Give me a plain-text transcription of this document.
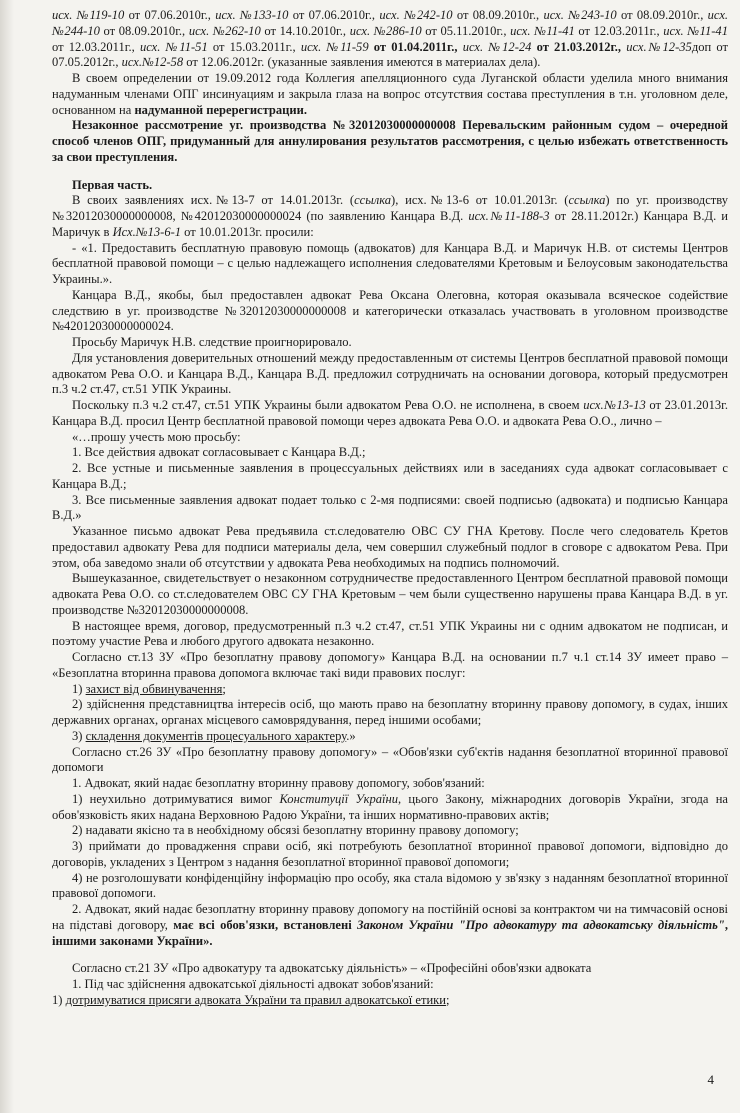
исх. №119-10 от 07.06.2010г., исх. №133-10 от 07.06.2010г., исх. №242-10 от 08.09.2010г., исх. №243-10 от 08.09.2010г., исх. №244-10 от 08.09.2010г., исх. №262-10 от 14.10.2010г., исх. №286-10 от 05.11.2010г., исх. №11-41 от 12.03.2011г., исх. №11-41 от 12.03.2011г., исх. №11-51 от 15.03.2011г., исх. №11-59 от 01.04.2011г., исх. №12-24 от 21.03.2012г., исх.№12-35доп от 07.05.2012г., исх.№12-58 от 12.06.2012г. (указанные заявления имеются в материалах дела).

В своем определении от 19.09.2012 года Коллегия апелляционного суда Луганской области уделила много внимания надуманным членами ОПГ инсинуациям и закрыла глаза на вопрос отсутствия состава преступления в т.н. уголовном деле, основанном на надуманной перерегистрации.

Незаконное рассмотрение уг. производства №32012030000000008 Перевальским районным судом – очередной способ членов ОПГ, придуманный для аннулирования результатов рассмотрения, с целью избежать ответственность за свои преступления.

Первая часть.

В своих заявлениях исх.№13-7 от 14.01.2013г. (ссылка), исх.№13-6 от 10.01.2013г. (ссылка) по уг. производству №32012030000000008, №42012030000000024 (по заявлению Канцара В.Д. исх.№11-188-3 от 28.11.2012г.) Канцара В.Д. и Маричук в Исх.№13-6-1 от 10.01.2013г. просили:

- «1. Предоставить бесплатную правовую помощь (адвокатов) для Канцара В.Д. и Маричук Н.В. от системы Центров бесплатной правовой помощи – с целью надлежащего исполнения следователями Кретовым и Белоусовым законодательства Украины.».

Канцара В.Д., якобы, был предоставлен адвокат Рева Оксана Олеговна, которая оказывала всяческое содействие следствию в уг. производстве №32012030000000008 и категорически отказалась участвовать в уголовном производстве №42012030000000024.

Просьбу Маричук Н.В. следствие проигнорировало.

Для установления доверительных отношений между предоставленным от системы Центров бесплатной правовой помощи адвокатом Рева О.О. и Канцара В.Д., Канцара В.Д. предложил сотрудничать на основании договора, который предусмотрен п.3 ч.2 ст.47, ст.51 УПК Украины.

Поскольку п.3 ч.2 ст.47, ст.51 УПК Украины были адвокатом Рева О.О. не исполнена, в своем исх.№13-13 от 23.01.2013г. Канцара В.Д. просил Центр бесплатной правовой помощи через адвоката Рева О.О. и адвоката Рева О.О., лично –

«…прошу учесть мою просьбу:

1. Все действия адвокат согласовывает с Канцара В.Д.;

2. Все устные и письменные заявления в процессуальных действиях или в заседаниях суда адвокат согласовывает с Канцара В.Д.;

3. Все письменные заявления адвокат подает только с 2-мя подписями: своей подписью (адвоката) и подписью Канцара В.Д.»

Указанное письмо адвокат Рева предъявила ст.следователю ОВС СУ ГНА Кретову. После чего следователь Кретов предоставил адвокату Рева для подписи материалы дела, чем совершил служебный подлог в сговоре с адвокатом Рева. При этом, оба заведомо знали об отсутствии у адвоката Рева необходимых на подпись полномочий.

Вышеуказанное, свидетельствует о незаконном сотрудничестве предоставленного Центром бесплатной правовой помощи адвоката Рева О.О. со ст.следователем ОВС СУ ГНА Кретовым – чем были существенно нарушены права Канцара В.Д. в уг. производстве №32012030000000008.

В настоящее время, договор, предусмотренный п.3 ч.2 ст.47, ст.51 УПК Украины ни с одним адвокатом не подписан, и поэтому участие Рева и любого другого адвоката незаконно.

Согласно ст.13 ЗУ «Про безоплатну правову допомогу» Канцара В.Д. на основании п.7 ч.1 ст.14 ЗУ имеет право – «Безоплатна вторинна правова допомога включає такі види правових послуг:

1) захист від обвинувачення;

2) здійснення представництва інтересів осіб, що мають право на безоплатну вторинну правову допомогу, в судах, інших державних органах, органах місцевого самоврядування, перед іншими особами;

3) складення документів процесуального характеру.»

Согласно ст.26 ЗУ «Про безоплатну правову допомогу» – «Обов'язки суб'єктів надання безоплатної вторинної правової допомоги

1. Адвокат, який надає безоплатну вторинну правову допомогу, зобов'язаний:

1) неухильно дотримуватися вимог Конституції України, цього Закону, міжнародних договорів України, згода на обов'язковість яких надана Верховною Радою України, та інших нормативно-правових актів;

2) надавати якісно та в необхідному обсязі безоплатну вторинну правову допомогу;

3) приймати до провадження справи осіб, які потребують безоплатної вторинної правової допомоги, відповідно до договорів, укладених з Центром з надання безоплатної вторинної правової допомоги;

4) не розголошувати конфіденційну інформацію про особу, яка стала відомою у зв'язку з наданням безоплатної вторинної правової допомоги.

2. Адвокат, який надає безоплатну вторинну правову допомогу на постійній основі за контрактом чи на тимчасовій основі на підставі договору, має всі обов'язки, встановлені Законом України "Про адвокатуру та адвокатську діяльність", іншими законами України».

Согласно ст.21 ЗУ «Про адвокатуру та адвокатську діяльність» – «Професійні обов'язки адвоката

1. Під час здійснення адвокатської діяльності адвокат зобов'язаний:

1) дотримуватися присяги адвоката України та правил адвокатської етики;

4
